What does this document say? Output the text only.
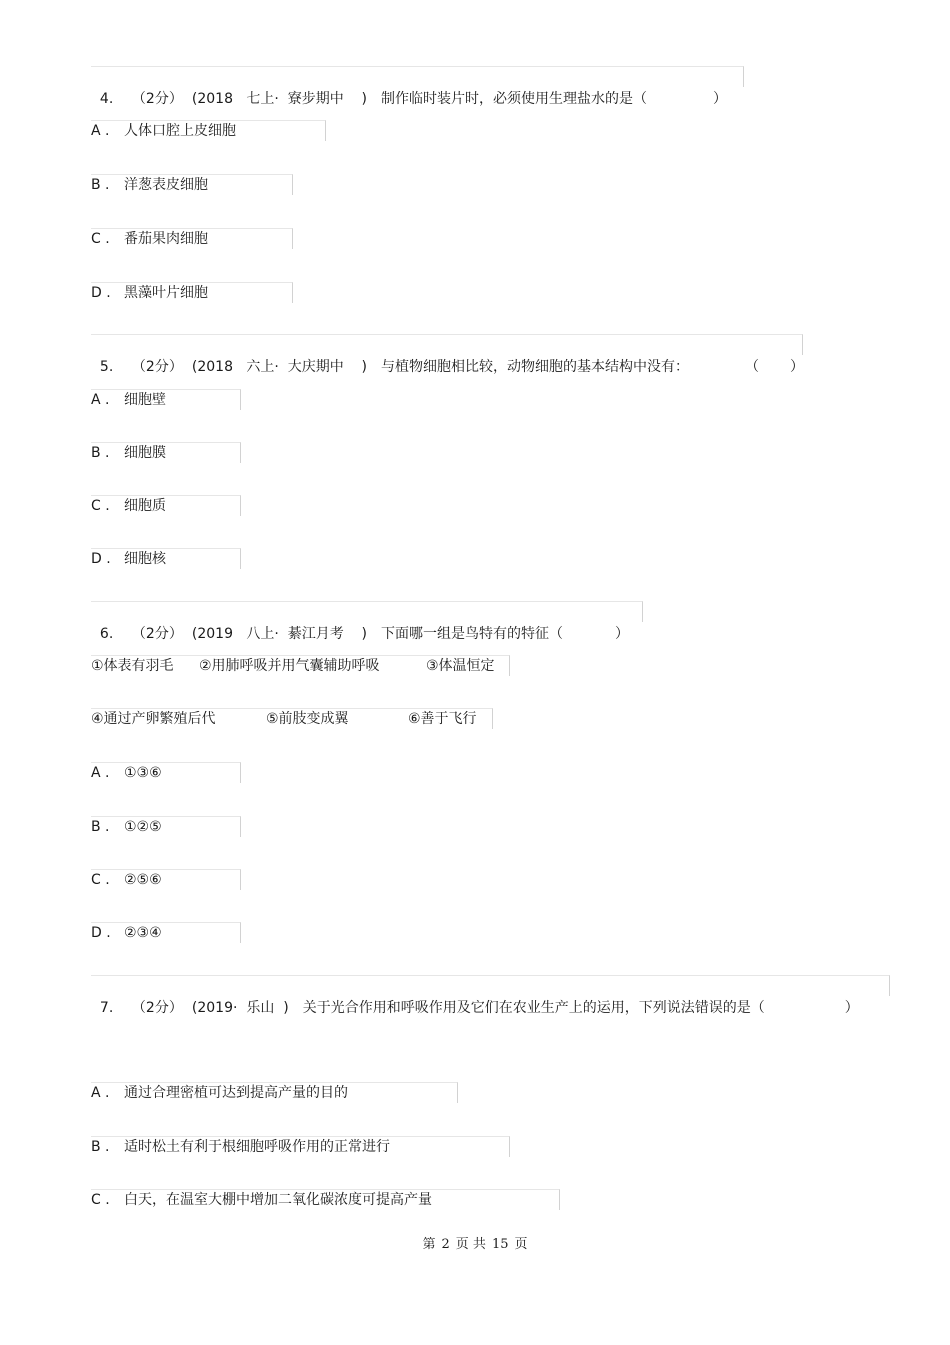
4. （2分） (2018   七上·  寮步期中    ) 制作临时装片时，必须使用生理盐水的是（	）

A . 人体口腔上皮细胞
B . 洋葱表皮细胞
C . 番茄果肉细胞
D . 黑藻叶片细胞

5. （2分） (2018   六上·  大庆期中    ) 与植物细胞相比较，动物细胞的基本结构中没有：	（ ）

A . 细胞壁
B . 细胞膜
C . 细胞质
D . 细胞核

6. （2分） (2019   八上·  綦江月考    ) 下面哪一组是鸟特有的特征（	）

①体表有羽毛 ②用肺呼吸并用气囊辅助呼吸	③体温恒定
④通过产卵繁殖后代	⑤前肢变成翼	⑥善于飞行
A . ①③⑥
B . ①②⑤
C . ②⑤⑥
D . ②③④

7. （2分） (2019·  乐山  ) 关于光合作用和呼吸作用及它们在农业生产上的运用，下列说法错误的是（	）

A . 通过合理密植可达到提高产量的目的
B . 适时松土有利于根细胞呼吸作用的正常进行
C . 白天，在温室大棚中增加二氧化碳浓度可提高产量
第 2 页 共 15 页
